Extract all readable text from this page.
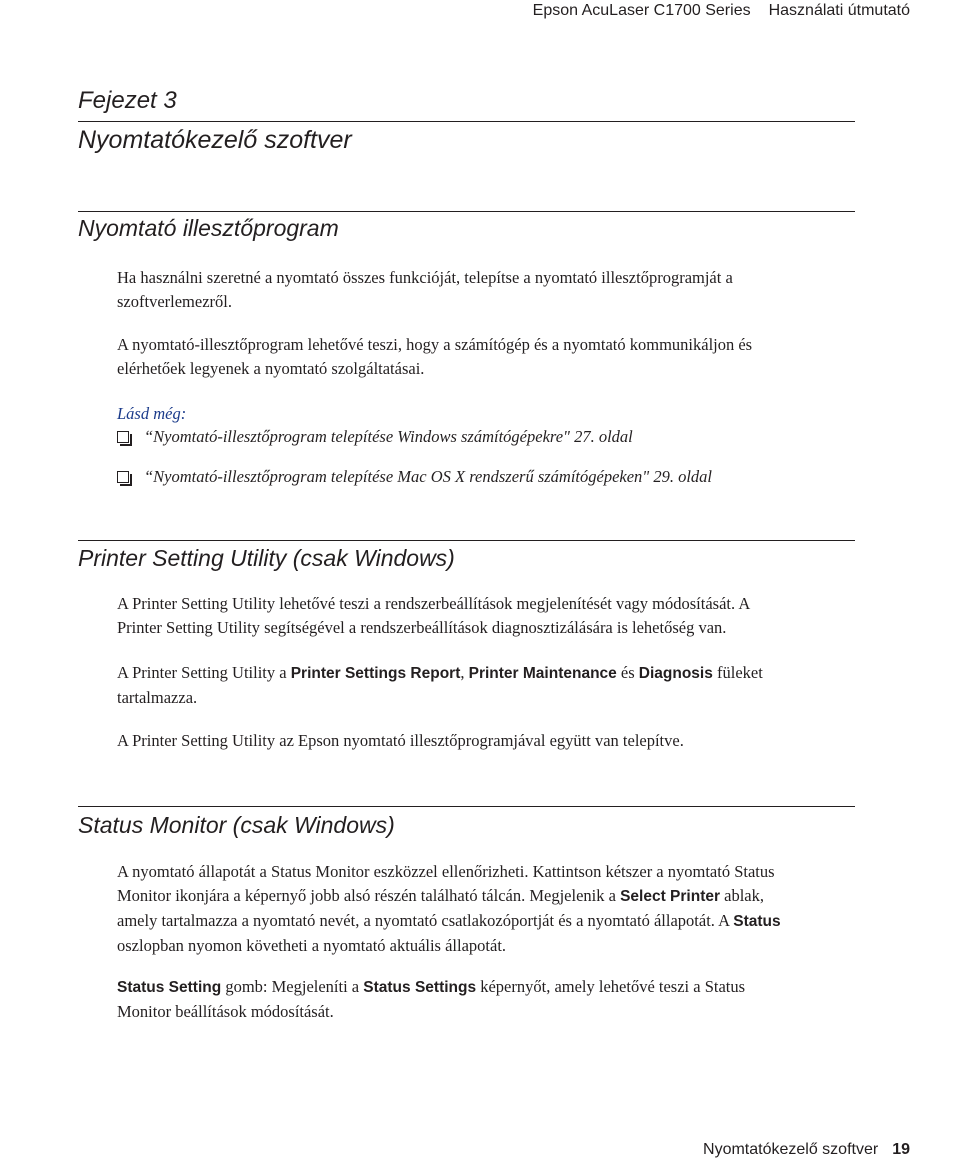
Epson AcuLaser C1700 Series Használati útmutató
Fejezet 3
Nyomtatókezelő szoftver
Nyomtató illesztőprogram

Ha használni szeretné a nyomtató összes funkcióját, telepítse a nyomtató illesztőprogramját a
szoftverlemezről.

A nyomtató-illesztőprogram lehetővé teszi, hogy a számítógép és a nyomtató kommunikáljon és
elérhetőek legyenek a nyomtató szolgáltatásai.

Lásd még:
“Nyomtató-illesztőprogram telepítése Windows számítógépekre" 27. oldal
“Nyomtató-illesztőprogram telepítése Mac OS X rendszerű számítógépeken" 29. oldal
Printer Setting Utility (csak Windows)

A Printer Setting Utility lehetővé teszi a rendszerbeállítások megjelenítését vagy módosítását. A
Printer Setting Utility segítségével a rendszerbeállítások diagnosztizálására is lehetőség van.

A Printer Setting Utility a Printer Settings Report, Printer Maintenance és Diagnosis füleket
tartalmazza.

A Printer Setting Utility az Epson nyomtató illesztőprogramjával együtt van telepítve.

Status Monitor (csak Windows)

A nyomtató állapotát a Status Monitor eszközzel ellenőrizheti. Kattintson kétszer a nyomtató Status
Monitor ikonjára a képernyő jobb alsó részén található tálcán. Megjelenik a Select Printer ablak,
amely tartalmazza a nyomtató nevét, a nyomtató csatlakozóportját és a nyomtató állapotát. A Status
oszlopban nyomon követheti a nyomtató aktuális állapotát.

Status Setting gomb: Megjeleníti a Status Settings képernyőt, amely lehetővé teszi a Status
Monitor beállítások módosítását.

Nyomtatókezelő szoftver 19
